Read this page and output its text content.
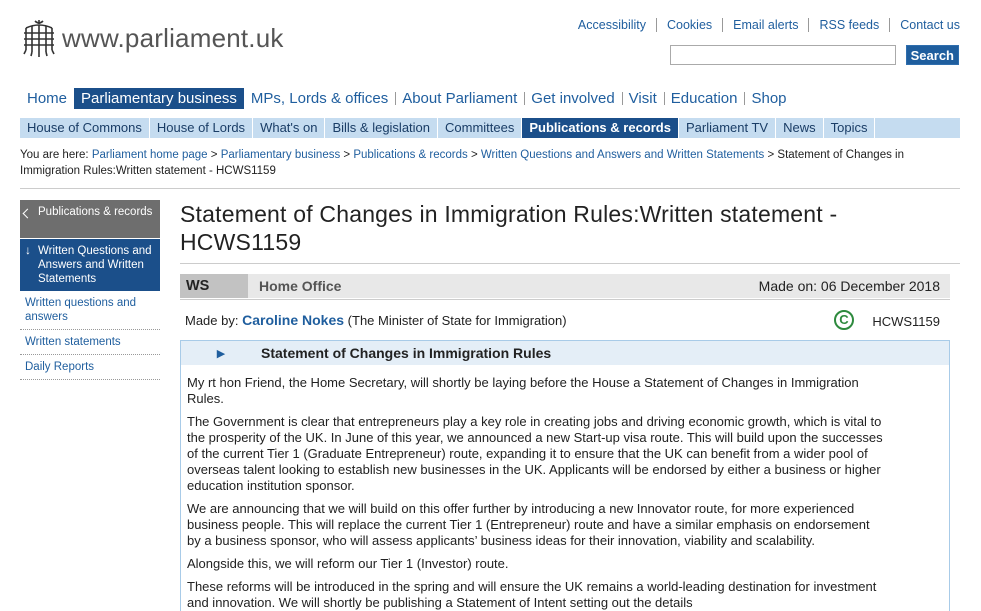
www.parliament.uk	Accessibility	Cookies	Email alerts	RSS feeds	Contact us
Search
Home Parliamentary business MPs, Lords & offices About Parliament Get involved Visit Education Shop
House of Commons	House of Lords	What's on	Bills & legislation	Committees	Publications & records	Parliament TV	News	Topics
You are here: Parliament home page > Parliamentary business > Publications & records > Written Questions and Answers and Written Statements > Statement of Changes in Immigration Rules:Written statement - HCWS1159
Publications & records
↓ Written Questions and Answers and Written Statements
Written questions and answers
Written statements
Daily Reports
Statement of Changes in Immigration Rules:Written statement - HCWS1159
WS	Home Office	Made on: 06 December 2018
Made by: Caroline Nokes (The Minister of State for Immigration)	C	HCWS1159
▶	Statement of Changes in Immigration Rules

My rt hon Friend, the Home Secretary, will shortly be laying before the House a Statement of Changes in Immigration Rules.

The Government is clear that entrepreneurs play a key role in creating jobs and driving economic growth, which is vital to the prosperity of the UK. In June of this year, we announced a new Start-up visa route. This will build upon the successes of the current Tier 1 (Graduate Entrepreneur) route, expanding it to ensure that the UK can benefit from a wider pool of overseas talent looking to establish new businesses in the UK. Applicants will be endorsed by either a business or higher education institution sponsor.

We are announcing that we will build on this offer further by introducing a new Innovator route, for more experienced business people. This will replace the current Tier 1 (Entrepreneur) route and have a similar emphasis on endorsement by a business sponsor, who will assess applicants’ business ideas for their innovation, viability and scalability.

Alongside this, we will reform our Tier 1 (Investor) route.

These reforms will be introduced in the spring and will ensure the UK remains a world-leading destination for investment and innovation. We will shortly be publishing a Statement of Intent setting out the details
